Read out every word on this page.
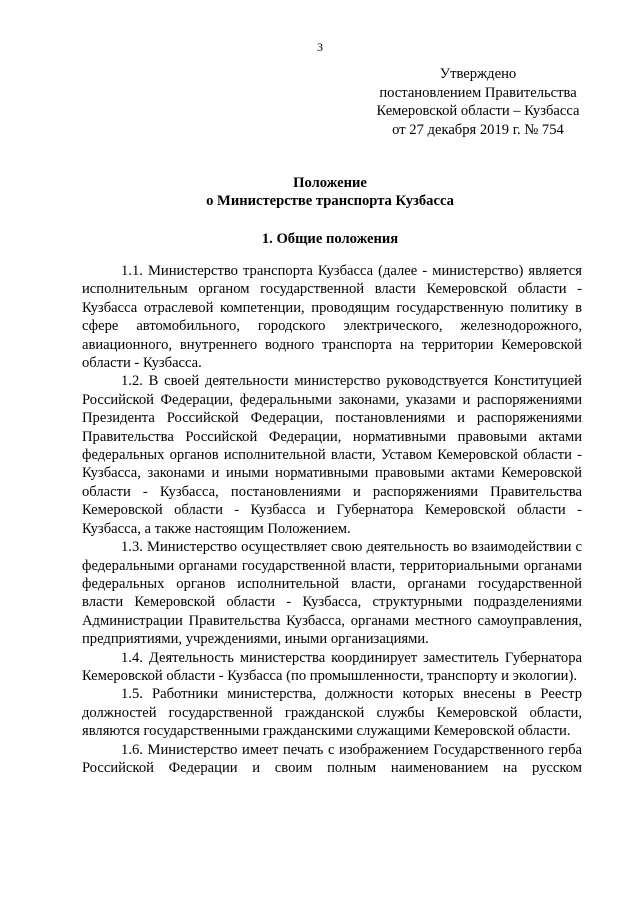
3
Утверждено
постановлением Правительства
Кемеровской области – Кузбасса
от 27 декабря 2019 г. № 754
Положение
о Министерстве транспорта Кузбасса
1. Общие положения

1.1. Министерство транспорта Кузбасса (далее - министерство) является исполнительным органом государственной власти Кемеровской области - Кузбасса отраслевой компетенции, проводящим государственную политику в сфере автомобильного, городского электрического, железнодорожного, авиационного, внутреннего водного транспорта на территории Кемеровской области - Кузбасса.

1.2. В своей деятельности министерство руководствуется Конституцией Российской Федерации, федеральными законами, указами и распоряжениями Президента Российской Федерации, постановлениями и распоряжениями Правительства Российской Федерации, нормативными правовыми актами федеральных органов исполнительной власти, Уставом Кемеровской области - Кузбасса, законами и иными нормативными правовыми актами Кемеровской области - Кузбасса, постановлениями и распоряжениями Правительства Кемеровской области - Кузбасса и Губернатора Кемеровской области - Кузбасса, а также настоящим Положением.

1.3. Министерство осуществляет свою деятельность во взаимодействии с федеральными органами государственной власти, территориальными органами федеральных органов исполнительной власти, органами государственной власти Кемеровской области - Кузбасса, структурными подразделениями Администрации Правительства Кузбасса, органами местного самоуправления, предприятиями, учреждениями, иными организациями.

1.4. Деятельность министерства координирует заместитель Губернатора Кемеровской области - Кузбасса (по промышленности, транспорту и экологии).

1.5. Работники министерства, должности которых внесены в Реестр должностей государственной гражданской службы Кемеровской области, являются государственными гражданскими служащими Кемеровской области.

1.6. Министерство имеет печать с изображением Государственного герба Российской Федерации и своим полным наименованием на русском
